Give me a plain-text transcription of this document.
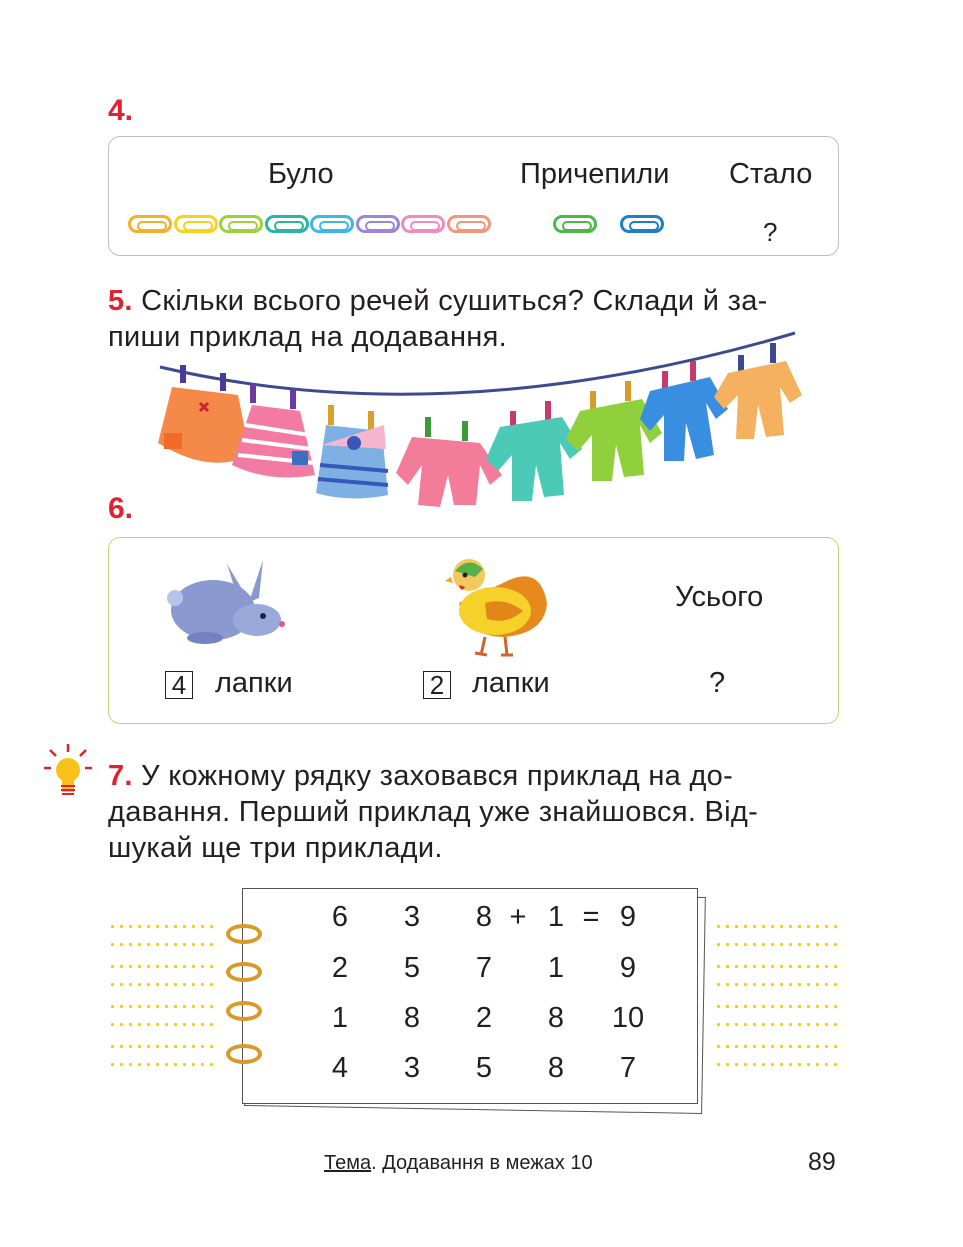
4.
Було	Причепили Стало
?
5. Скільки всього речей сушиться? Склади й за-
пиши приклад на додавання.
6.
Усього
4 лапки	2 лапки	?
7. У кожному рядку заховався приклад на до-
давання. Перший приклад уже знайшовся. Від-
шукай ще три приклади.
6	3	8 + 1 = 9
2	5	7	1	9
1	8	2	8	10
4	3	5	8	7
Тема. Додавання в межах 10	89
